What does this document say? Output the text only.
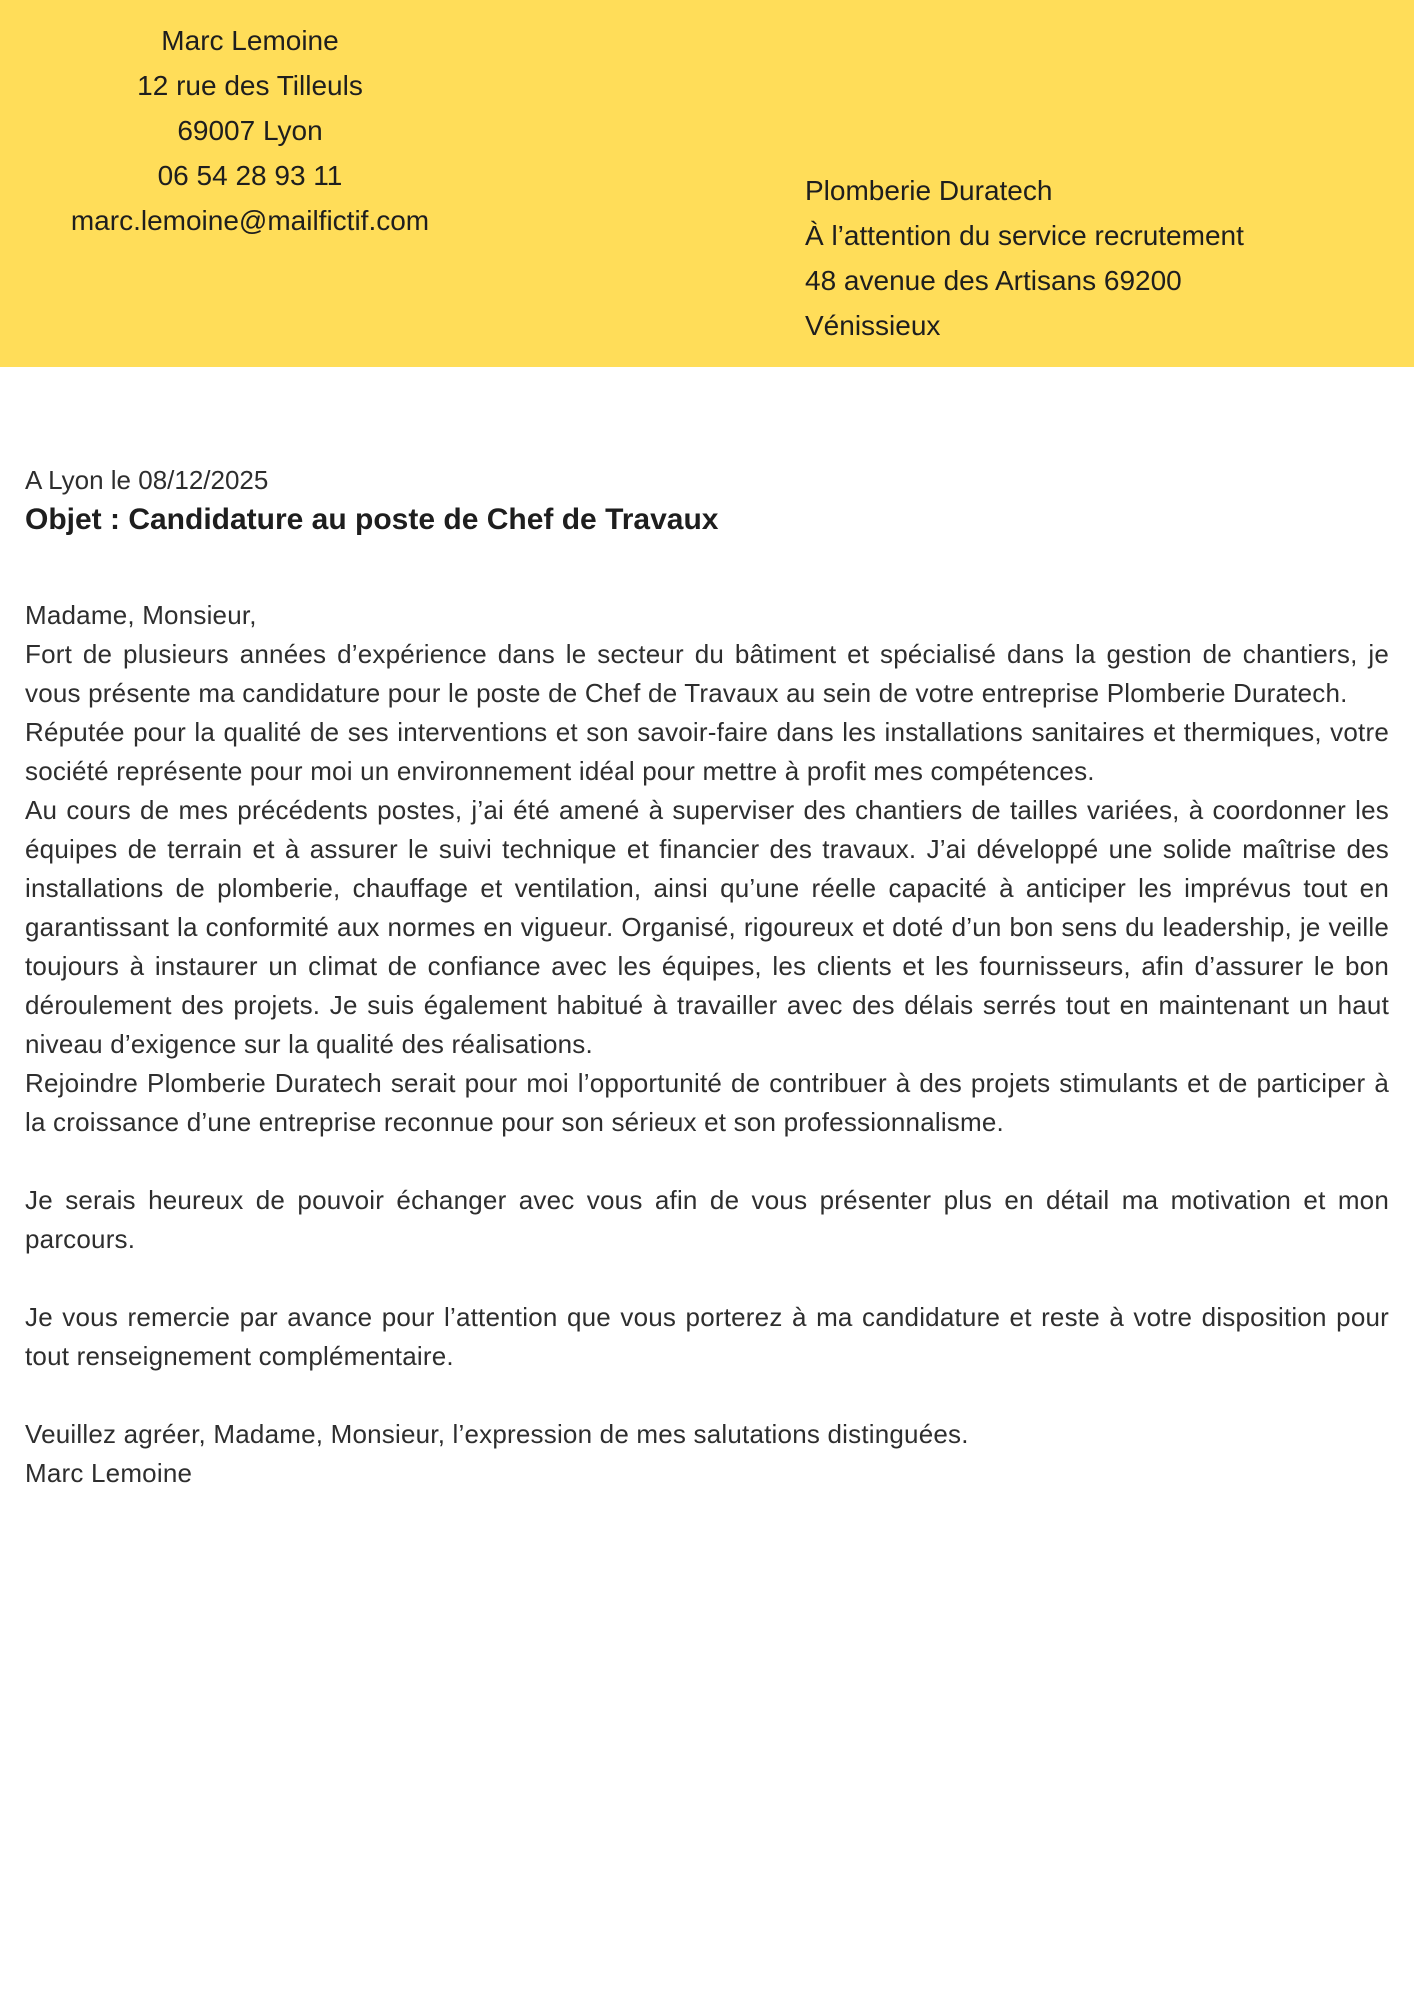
Marc Lemoine
12 rue des Tilleuls
69007 Lyon
06 54 28 93 11
marc.lemoine@mailfictif.com
Plomberie Duratech
À l’attention du service recrutement
48 avenue des Artisans 69200
Vénissieux
A Lyon le 08/12/2025
Objet : Candidature au poste de Chef de Travaux

Madame, Monsieur,

Fort de plusieurs années d’expérience dans le secteur du bâtiment et spécialisé dans la gestion de chantiers, je vous présente ma candidature pour le poste de Chef de Travaux au sein de votre entreprise Plomberie Duratech.

Réputée pour la qualité de ses interventions et son savoir-faire dans les installations sanitaires et thermiques, votre société représente pour moi un environnement idéal pour mettre à profit mes compétences.

Au cours de mes précédents postes, j’ai été amené à superviser des chantiers de tailles variées, à coordonner les équipes de terrain et à assurer le suivi technique et financier des travaux. J’ai développé une solide maîtrise des installations de plomberie, chauffage et ventilation, ainsi qu’une réelle capacité à anticiper les imprévus tout en garantissant la conformité aux normes en vigueur. Organisé, rigoureux et doté d’un bon sens du leadership, je veille toujours à instaurer un climat de confiance avec les équipes, les clients et les fournisseurs, afin d’assurer le bon déroulement des projets. Je suis également habitué à travailler avec des délais serrés tout en maintenant un haut niveau d’exigence sur la qualité des réalisations.

Rejoindre Plomberie Duratech serait pour moi l’opportunité de contribuer à des projets stimulants et de participer à la croissance d’une entreprise reconnue pour son sérieux et son professionnalisme.

Je serais heureux de pouvoir échanger avec vous afin de vous présenter plus en détail ma motivation et mon parcours.

Je vous remercie par avance pour l’attention que vous porterez à ma candidature et reste à votre disposition pour tout renseignement complémentaire.

Veuillez agréer, Madame, Monsieur, l’expression de mes salutations distinguées.

Marc Lemoine
